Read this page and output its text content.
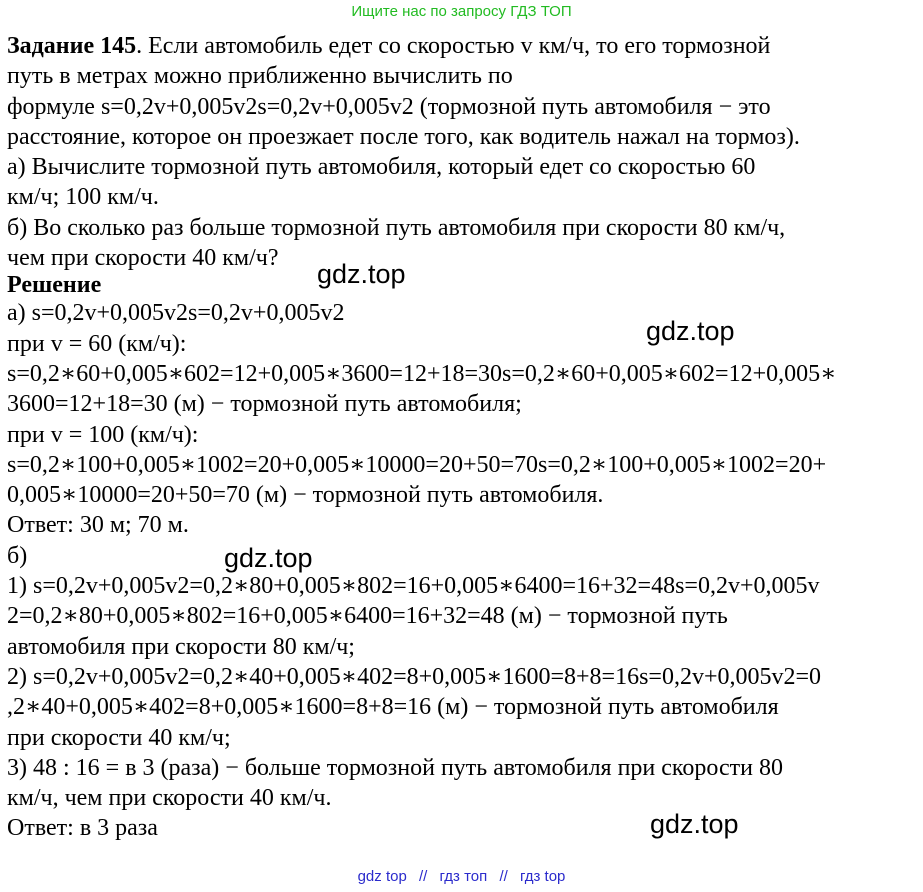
Ищите нас по запросу ГДЗ ТОП

Задание 145. Если автомобиль едет со скоростью v км/ч, то его тормозной

путь в метрах можно приближенно вычислить по

формуле s=0,2v+0,005v2s=0,2v+0,005v2 (тормозной путь автомобиля − это

расстояние, которое он проезжает после того, как водитель нажал на тормоз).

а) Вычислите тормозной путь автомобиля, который едет со скоростью 60

км/ч; 100 км/ч.

б) Во сколько раз больше тормозной путь автомобиля при скорости 80 км/ч,

чем при скорости 40 км/ч?

Решение

а) s=0,2v+0,005v2s=0,2v+0,005v2

при v = 60 (км/ч):

s=0,2∗60+0,005∗602=12+0,005∗3600=12+18=30s=0,2∗60+0,005∗602=12+0,005∗

3600=12+18=30 (м) − тормозной путь автомобиля;

при v = 100 (км/ч):

s=0,2∗100+0,005∗1002=20+0,005∗10000=20+50=70s=0,2∗100+0,005∗1002=20+

0,005∗10000=20+50=70 (м) − тормозной путь автомобиля.

Ответ: 30 м; 70 м.

б)

1) s=0,2v+0,005v2=0,2∗80+0,005∗802=16+0,005∗6400=16+32=48s=0,2v+0,005v

2=0,2∗80+0,005∗802=16+0,005∗6400=16+32=48 (м) − тормозной путь

автомобиля при скорости 80 км/ч;

2) s=0,2v+0,005v2=0,2∗40+0,005∗402=8+0,005∗1600=8+8=16s=0,2v+0,005v2=0

,2∗40+0,005∗402=8+0,005∗1600=8+8=16 (м) − тормозной путь автомобиля

при скорости 40 км/ч;

3) 48 : 16 = в 3 (раза) − больше тормозной путь автомобиля при скорости 80

км/ч, чем при скорости 40 км/ч.

Ответ: в 3 раза

gdz.top
gdz.top
gdz.top
gdz.top
gdz top // гдз топ // гдз top
